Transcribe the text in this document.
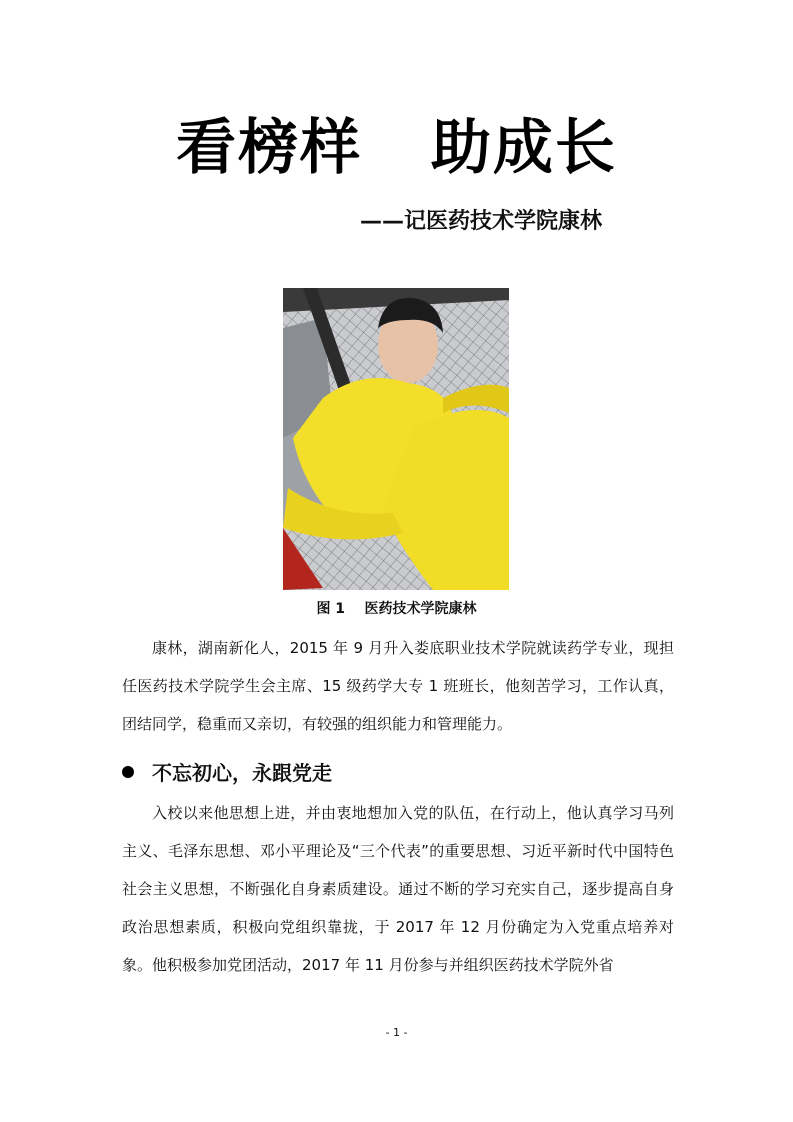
看榜样   助成长
——记医药技术学院康林
图 1    医药技术学院康林
康林，湖南新化人，2015 年 9 月升入娄底职业技术学院就读药学专业，现担任医药技术学院学生会主席、15 级药学大专 1 班班长，他刻苦学习，工作认真，团结同学，稳重而又亲切，有较强的组织能力和管理能力。
不忘初心，永跟党走
入校以来他思想上进，并由衷地想加入党的队伍，在行动上，他认真学习马列主义、毛泽东思想、邓小平理论及“三个代表”的重要思想、习近平新时代中国特色社会主义思想，不断强化自身素质建设。通过不断的学习充实自己，逐步提高自身政治思想素质，积极向党组织靠拢，于 2017 年 12 月份确定为入党重点培养对象。他积极参加党团活动，2017 年 11 月份参与并组织医药技术学院外省
- 1 -
